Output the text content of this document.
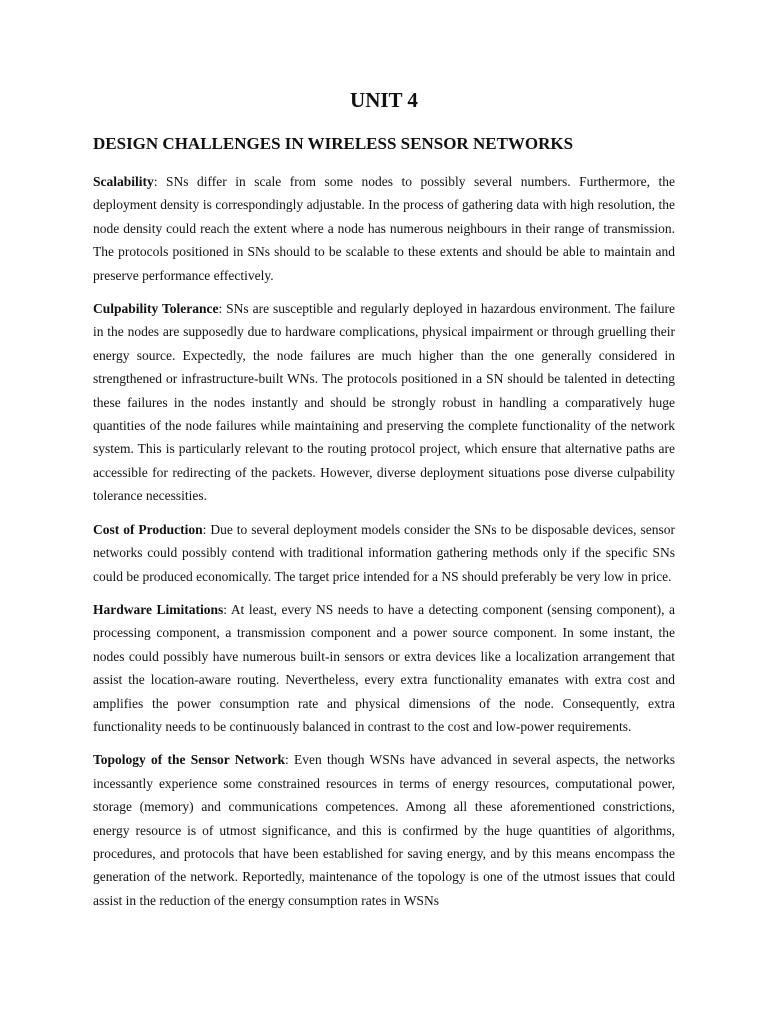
UNIT 4
DESIGN CHALLENGES IN WIRELESS SENSOR NETWORKS

Scalability: SNs differ in scale from some nodes to possibly several numbers. Furthermore, the deployment density is correspondingly adjustable. In the process of gathering data with high resolution, the node density could reach the extent where a node has numerous neighbours in their range of transmission. The protocols positioned in SNs should to be scalable to these extents and should be able to maintain and preserve performance effectively.

Culpability Tolerance: SNs are susceptible and regularly deployed in hazardous environment. The failure in the nodes are supposedly due to hardware complications, physical impairment or through gruelling their energy source. Expectedly, the node failures are much higher than the one generally considered in strengthened or infrastructure-built WNs. The protocols positioned in a SN should be talented in detecting these failures in the nodes instantly and should be strongly robust in handling a comparatively huge quantities of the node failures while maintaining and preserving the complete functionality of the network system. This is particularly relevant to the routing protocol project, which ensure that alternative paths are accessible for redirecting of the packets. However, diverse deployment situations pose diverse culpability tolerance necessities.

Cost of Production: Due to several deployment models consider the SNs to be disposable devices, sensor networks could possibly contend with traditional information gathering methods only if the specific SNs could be produced economically. The target price intended for a NS should preferably be very low in price.

Hardware Limitations: At least, every NS needs to have a detecting component (sensing component), a processing component, a transmission component and a power source component. In some instant, the nodes could possibly have numerous built-in sensors or extra devices like a localization arrangement that assist the location-aware routing. Nevertheless, every extra functionality emanates with extra cost and amplifies the power consumption rate and physical dimensions of the node. Consequently, extra functionality needs to be continuously balanced in contrast to the cost and low-power requirements.

Topology of the Sensor Network: Even though WSNs have advanced in several aspects, the networks incessantly experience some constrained resources in terms of energy resources, computational power, storage (memory) and communications competences. Among all these aforementioned constrictions, energy resource is of utmost significance, and this is confirmed by the huge quantities of algorithms, procedures, and protocols that have been established for saving energy, and by this means encompass the generation of the network. Reportedly, maintenance of the topology is one of the utmost issues that could assist in the reduction of the energy consumption rates in WSNs
